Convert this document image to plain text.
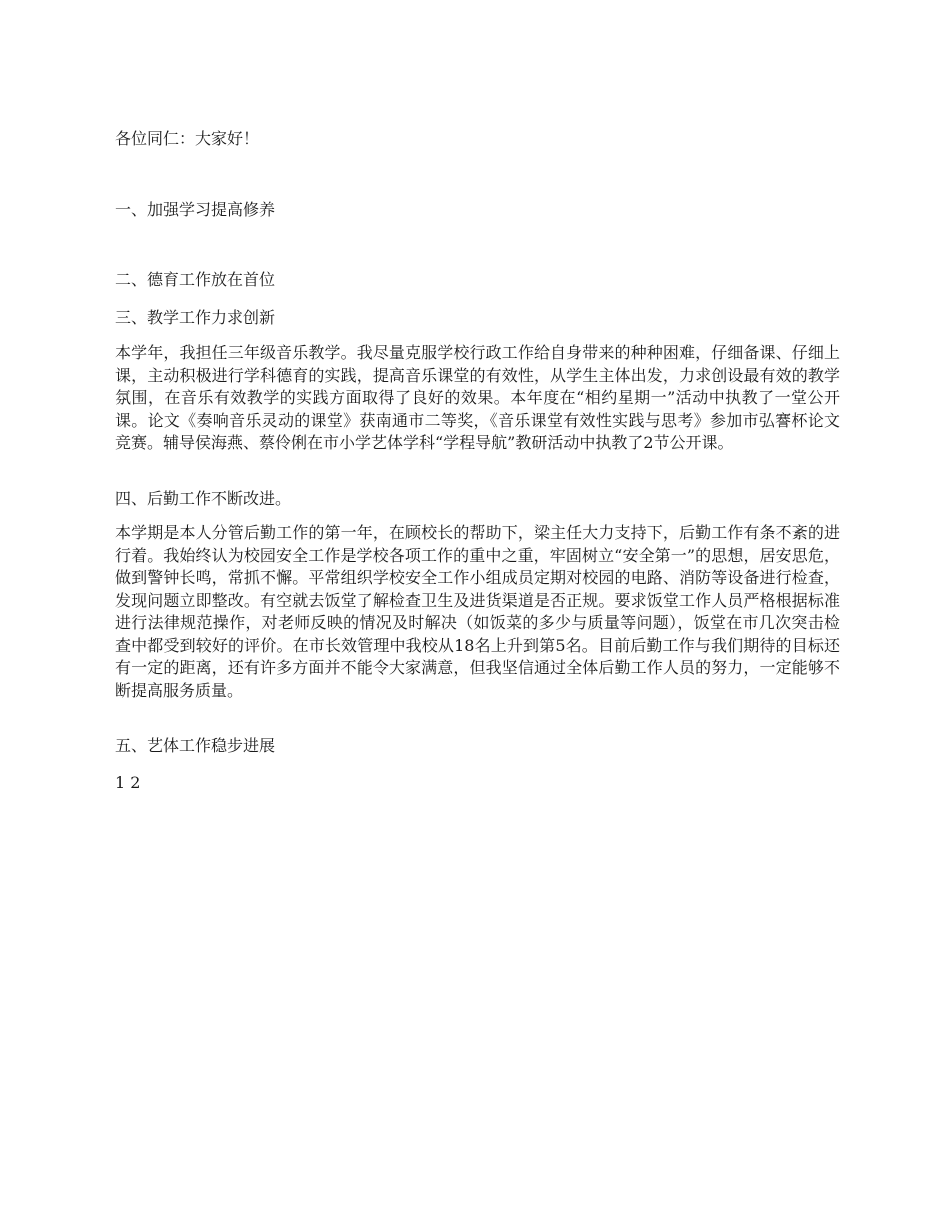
各位同仁：大家好！

一、加强学习提高修养

二、德育工作放在首位

三、教学工作力求创新

本学年，我担任三年级音乐教学。我尽量克服学校行政工作给自身带来的种种困难，仔细备课、仔细上课，主动积极进行学科德育的实践，提高音乐课堂的有效性，从学生主体出发，力求创设最有效的教学氛围，在音乐有效教学的实践方面取得了良好的效果。本年度在“相约星期一”活动中执教了一堂公开课。论文《奏响音乐灵动的课堂》获南通市二等奖，《音乐课堂有效性实践与思考》参加市弘謇杯论文竞赛。辅导侯海燕、蔡伶俐在市小学艺体学科“学程导航”教研活动中执教了2节公开课。

四、后勤工作不断改进。

本学期是本人分管后勤工作的第一年，在顾校长的帮助下，梁主任大力支持下，后勤工作有条不紊的进行着。我始终认为校园安全工作是学校各项工作的重中之重，牢固树立“安全第一”的思想，居安思危，做到警钟长鸣，常抓不懈。平常组织学校安全工作小组成员定期对校园的电路、消防等设备进行检查，发现问题立即整改。有空就去饭堂了解检查卫生及进货渠道是否正规。要求饭堂工作人员严格根据标准进行法律规范操作，对老师反映的情况及时解决（如饭菜的多少与质量等问题），饭堂在市几次突击检查中都受到较好的评价。在市长效管理中我校从18名上升到第5名。目前后勤工作与我们期待的目标还有一定的距离，还有许多方面并不能令大家满意，但我坚信通过全体后勤工作人员的努力，一定能够不断提高服务质量。

五、艺体工作稳步进展

1 2
